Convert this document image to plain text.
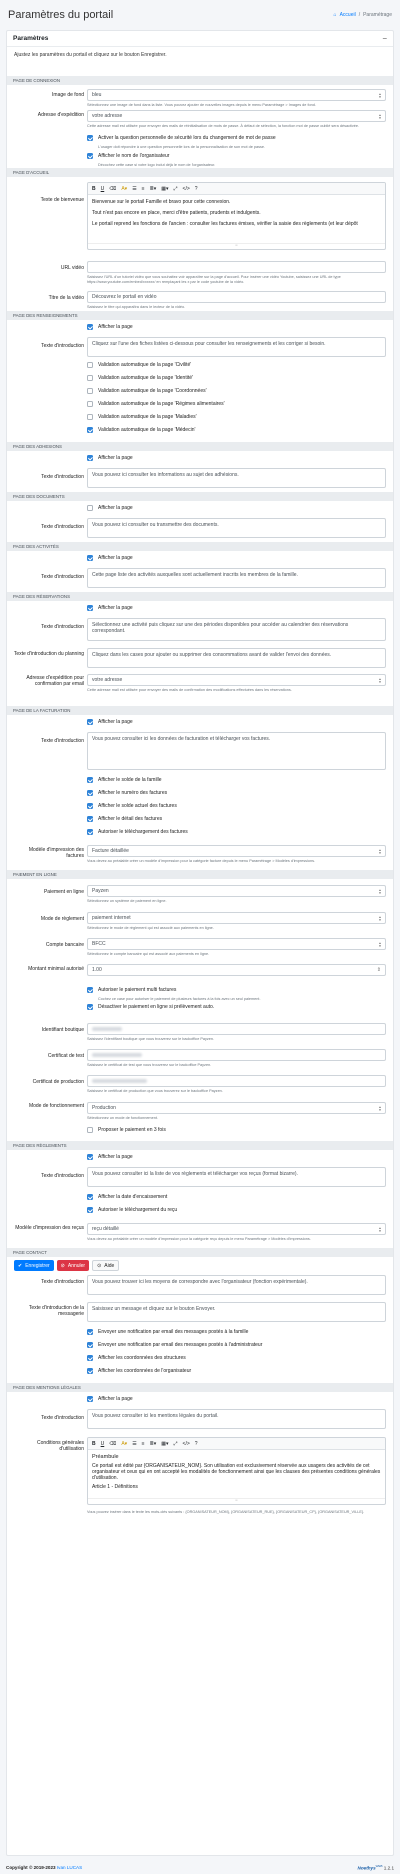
Paramètres du portail	⌂ Accueil / Paramétrage
Paramètres	−
Ajustez les paramètres du portail et cliquez sur le bouton Enregistrer.
PAGE DE CONNEXION
Image de fond	bleu ▲▼
Sélectionnez une image de fond dans la liste. Vous pouvez ajouter de nouvelles images depuis le menu Paramétrage > Images de fond.
Adresse d'expédition	votre adresse ▲▼
Cette adresse mail est utilisée pour envoyer des mails de réinitialisation de mots de passe. À défaut de sélection, la fonction mot de passe oublié sera désactivée.
Activer la question personnelle de sécurité lors du changement de mot de passe
L'usager doit répondre à une question personnelle lors de la personnalisation de son mot de passe.
Afficher le nom de l'organisateur
Décochez cette case si votre logo inclut déjà le nom de l'organisateur.
PAGE D'ACCUEIL
Texte de bienvenue
B U ⌫ A▾ ☰ ≡ ≣▾ ▦▾ ⤢ </> ?

Bienvenue sur le portail Famille et bravo pour cette connexion.

Tout n'est pas encore en place, merci d'être patients, prudents et indulgents.

Le portail reprend les fonctions de l'ancien : consulter les factures émises, vérifier la saisie des règlements (et leur dépôt

═
URL vidéo
Saisissez l'URL d'un tutoriel vidéo que vous souhaitez voir apparaître sur la page d'accueil. Pour insérer une vidéo Youtube, saisissez une URL de type https://www.youtube.com/embed/xxxxxx/ en remplaçant les x par le code youtube de la vidéo.
Titre de la vidéo	Découvrez le portail en vidéo
Saisissez le titre qui apparaîtra dans le lecteur de la vidéo.
PAGE DES RENSEIGNEMENTS
Afficher la page
Texte d'introduction	Cliquez sur l'une des fiches listées ci-dessous pour consulter les renseignements et les corriger si besoin.
Validation automatique de la page 'Civilité'
Validation automatique de la page 'Identité'
Validation automatique de la page 'Coordonnées'
Validation automatique de la page 'Régimes alimentaires'
Validation automatique de la page 'Maladies'
Validation automatique de la page 'Médecin'
PAGE DES ADHESIONS
Afficher la page
Texte d'introduction	Vous pouvez ici consulter les informations au sujet des adhésions.
PAGE DES DOCUMENTS
Afficher la page
Texte d'introduction	Vous pouvez ici consulter ou transmettre des documents.
PAGE DES ACTIVITÉS
Afficher la page
Texte d'introduction	Cette page liste des activités auxquelles sont actuellement inscrits les membres de la famille.
PAGE DES RÉSERVATIONS
Afficher la page
Texte d'introduction	Sélectionnez une activité puis cliquez sur une des périodes disponibles pour accéder au calendrier des réservations correspondant.
Texte d'introduction du planning	Cliquez dans les cases pour ajouter ou supprimer des consommations avant de valider l'envoi des données.
Adresse d'expédition pour confirmation par email
votre adresse ▲▼
Cette adresse mail est utilisée pour envoyer des mails de confirmation des modifications effectuées dans les réservations.
PAGE DE LA FACTURATION
Afficher la page
Texte d'introduction	Vous pouvez consulter ici les données de facturation et télécharger vos factures.
Afficher le solde de la famille
Afficher le numéro des factures
Afficher le solde actuel des factures
Afficher le détail des factures
Autoriser le téléchargement des factures
Modèle d'impression des factures
Facture détaillée ▲▼
Vous devez au préalable créer un modèle d'impression pour la catégorie facture depuis le menu Paramétrage > Modèles d'impressions.
PAIEMENT EN LIGNE
Paiement en ligne	Payzen ▲▼
Sélectionnez un système de paiement en ligne.
Mode de règlement	paiement internet ▲▼
Sélectionnez le mode de règlement qui est associé aux paiements en ligne.
Compte bancaire	BFCC ▲▼
Sélectionnez le compte bancaire qui est associé aux paiements en ligne.
Montant minimal autorisé 1.00	⇕
Autoriser le paiement multi factures
Cochez ce case pour autoriser le paiement de plusieurs factures à la fois avec un seul paiement.
Désactiver le paiement en ligne si prélèvement auto.
Identifiant boutique
Saisissez l'identifiant boutique que vous trouverez sur le backoffice Payzen.
Certificat de test
Saisissez le certificat de test que vous trouverez sur le backoffice Payzen.
Certificat de production
Saisissez le certificat de production que vous trouverez sur le backoffice Payzen.
Mode de fonctionnement	Production ▲▼
Sélectionnez un mode de fonctionnement.
Proposer le paiement en 3 fois
PAGE DES RÈGLEMENTS
Afficher la page
Texte d'introduction	Vous pouvez consulter ici la liste de vos règlements et télécharger vos reçus (format bizarre).
Afficher la date d'encaissement
Autoriser le téléchargement du reçu
Modèle d'impression des reçus	reçu détaillé ▲▼
Vous devez au préalable créer un modèle d'impression pour la catégorie reçu depuis le menu Paramétrage > Modèles d'impressions.
PAGE CONTACT
✔ Enregistrer ⊘ Annuler ⊙ Aide
Texte d'introduction	Vous pouvez trouver ici les moyens de correspondre avec l'organisateur (fonction expérimentale).
Texte d'introduction de la messagerie
Saisissez un message et cliquez sur le bouton Envoyer.
Envoyer une notification par email des messages postés à la famille
Envoyer une notification par email des messages postés à l'administrateur
Afficher les coordonnées des structures
Afficher les coordonnées de l'organisateur
PAGE DES MENTIONS LÉGALES
Afficher la page
Texte d'introduction	Vous pouvez consulter ici les mentions légales du portail.
Conditions générales d'utilisation
B U ⌫ A▾ ☰ ≡ ≣▾ ▦▾ ⤢ </> ?

Préambule

Ce portail est édité par {ORGANISATEUR_NOM}. Son utilisation est exclusivement réservée aux usagers des activités de cet organisateur et ceux qui en ont accepté les modalités de fonctionnement ainsi que les clauses des présentes conditions générales d'utilisation.

Article 1 - Définitions

═
Vous pouvez insérer dans le texte les mots-clés suivants : {ORGANISATEUR_NOM}, {ORGANISATEUR_RUE}, {ORGANISATEUR_CP}, {ORGANISATEUR_VILLE}.
Copyright © 2019-2023 Ivan LUCAS	Noethys$^{WEB}$ 1.2.1
